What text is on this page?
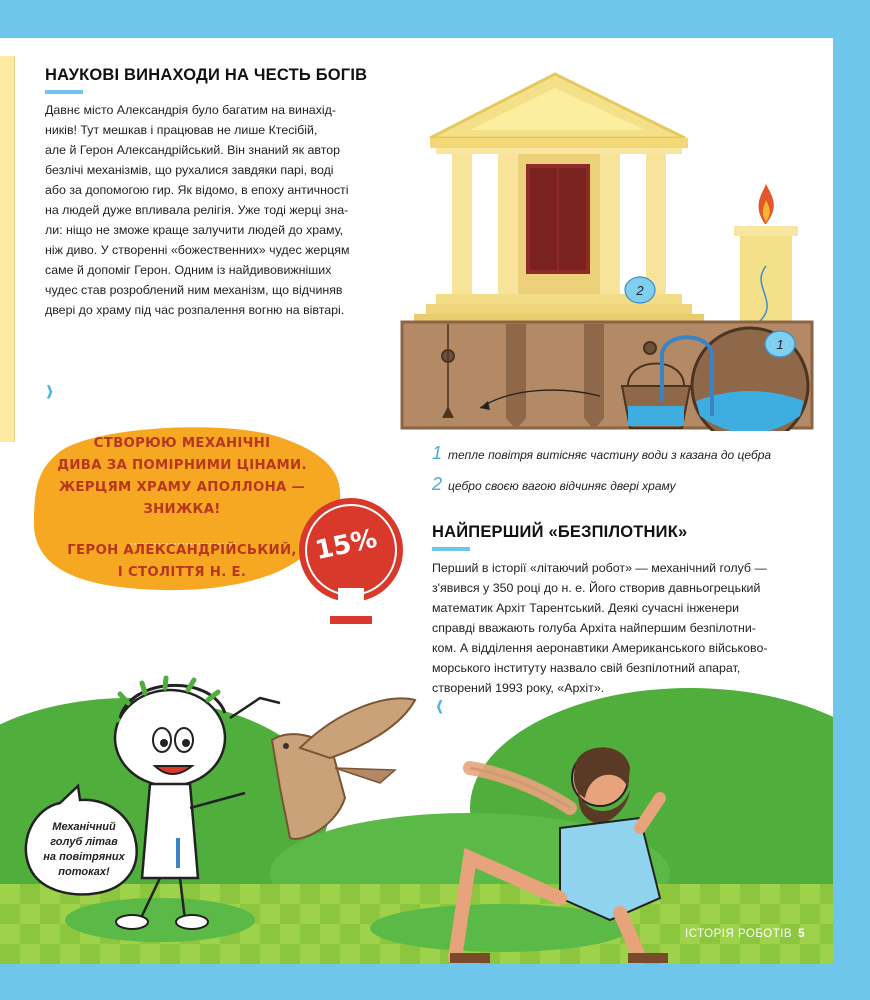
НАУКОВІ ВИНАХОДИ НА ЧЕСТЬ БОГІВ

Давнє місто Александрія було багатим на винахід-

ників! Тут мешкав і працював не лише Ктесібій,

але й Герон Александрійський. Він знаний як автор

безлічі механізмів, що рухалися завдяки парі, воді

або за допомогою гир. Як відомо, в епоху античності

на людей дуже впливала релігія. Уже тоді жерці зна-

ли: ніщо не зможе краще залучити людей до храму,

ніж диво. У створенні «божественних» чудес жерцям

саме й допоміг Герон. Одним із найдивовижніших

чудес став розроблений ним механізм, що відчиняв

двері до храму під час розпалення вогню на вівтарі.

›
2
1
1 тепле повітря витісняє частину води з казана до цебра
2 цебро своєю вагою відчиняє двері храму
СТВОРЮЮ МЕХАНІЧНІ
ДИВА ЗА ПОМІРНИМИ ЦІНАМИ.
ЖЕРЦЯМ ХРАМУ АПОЛЛОНА —
ЗНИЖКА!
ГЕРОН АЛЕКСАНДРІЙСЬКИЙ,
І СТОЛІТТЯ Н. Е.
15%	НАЙПЕРШИЙ «БЕЗПІЛОТНИК»

Перший в історії «літаючий робот» — механічний голуб —

з'явився у 350 році до н. е. Його створив давньогрецький

математик Архіт Тарентський. Деякі сучасні інженери

справді вважають голуба Архіта найпершим безпілотни-

ком. А відділення аеронавтики Американського військово-

морського інституту назвало свій безпілотний апарат,

створений 1993 року, «Архіт».

‹
Механічний
голуб літав
на повітряних
потоках!
ІСТОРІЯ РОБОТІВ 5
